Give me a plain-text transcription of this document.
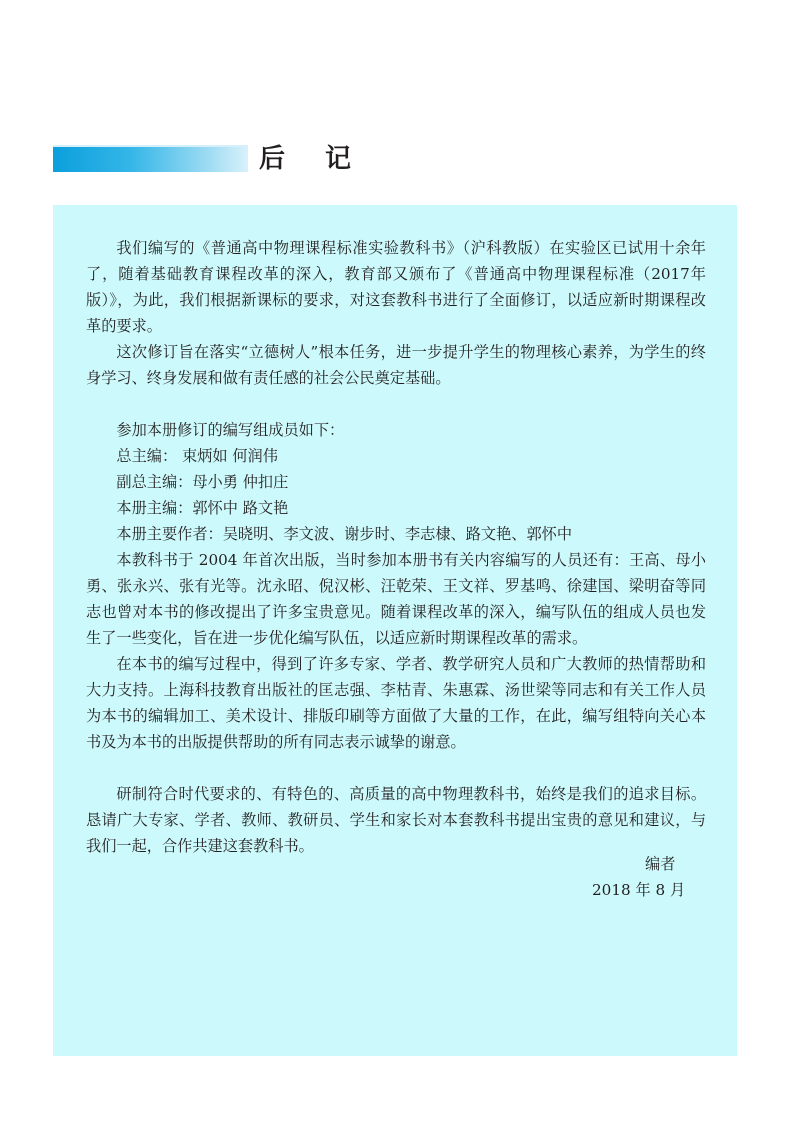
后记

我们编写的《普通高中物理课程标准实验教科书》（沪科教版）在实验区已试用十余年了，随着基础教育课程改革的深入，教育部又颁布了《普通高中物理课程标准（2017年版）》，为此，我们根据新课标的要求，对这套教科书进行了全面修订，以适应新时期课程改革的要求。

这次修订旨在落实“立德树人”根本任务，进一步提升学生的物理核心素养，为学生的终身学习、终身发展和做有责任感的社会公民奠定基础。

参加本册修订的编写组成员如下：

总主编： 束炳如 何润伟

副总主编：母小勇 仲扣庄

本册主编：郭怀中 路文艳

本册主要作者：吴晓明、李文波、谢步时、李志棣、路文艳、郭怀中

本教科书于 2004 年首次出版，当时参加本册书有关内容编写的人员还有：王高、母小勇、张永兴、张有光等。沈永昭、倪汉彬、汪乾荣、王文祥、罗基鸣、徐建国、梁明奋等同志也曾对本书的修改提出了许多宝贵意见。随着课程改革的深入，编写队伍的组成人员也发生了一些变化，旨在进一步优化编写队伍，以适应新时期课程改革的需求。

在本书的编写过程中，得到了许多专家、学者、教学研究人员和广大教师的热情帮助和大力支持。上海科技教育出版社的匡志强、李枯青、朱惠霖、汤世梁等同志和有关工作人员为本书的编辑加工、美术设计、排版印刷等方面做了大量的工作，在此，编写组特向关心本书及为本书的出版提供帮助的所有同志表示诚挚的谢意。

研制符合时代要求的、有特色的、高质量的高中物理教科书，始终是我们的追求目标。恳请广大专家、学者、教师、教研员、学生和家长对本套教科书提出宝贵的意见和建议，与我们一起，合作共建这套教科书。

编者
2018 年 8 月
